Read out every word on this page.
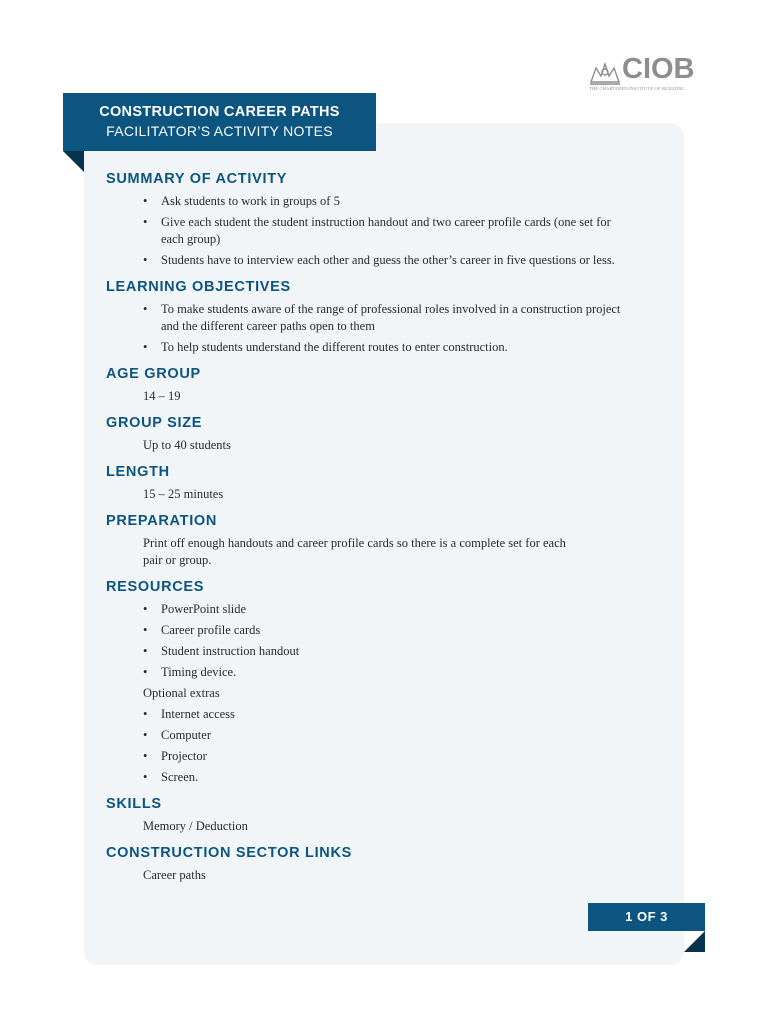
CIOB
THE CHARTERED INSTITUTE OF BUILDING
CONSTRUCTION CAREER PATHS
FACILITATOR’S ACTIVITY NOTES
SUMMARY OF ACTIVITY
• Ask students to work in groups of 5
• Give each student the student instruction handout and two career profile cards (one set for each group)
• Students have to interview each other and guess the other’s career in five questions or less.
LEARNING OBJECTIVES
• To make students aware of the range of professional roles involved in a construction project and the different career paths open to them
• To help students understand the different routes to enter construction.
AGE GROUP
14 – 19
GROUP SIZE
Up to 40 students
LENGTH
15 – 25 minutes
PREPARATION
Print off enough handouts and career profile cards so there is a complete set for each pair or group.
RESOURCES
• PowerPoint slide
• Career profile cards
• Student instruction handout
• Timing device.
Optional extras
• Internet access
• Computer
• Projector
• Screen.
SKILLS
Memory / Deduction
CONSTRUCTION SECTOR LINKS
Career paths
1 OF 3
